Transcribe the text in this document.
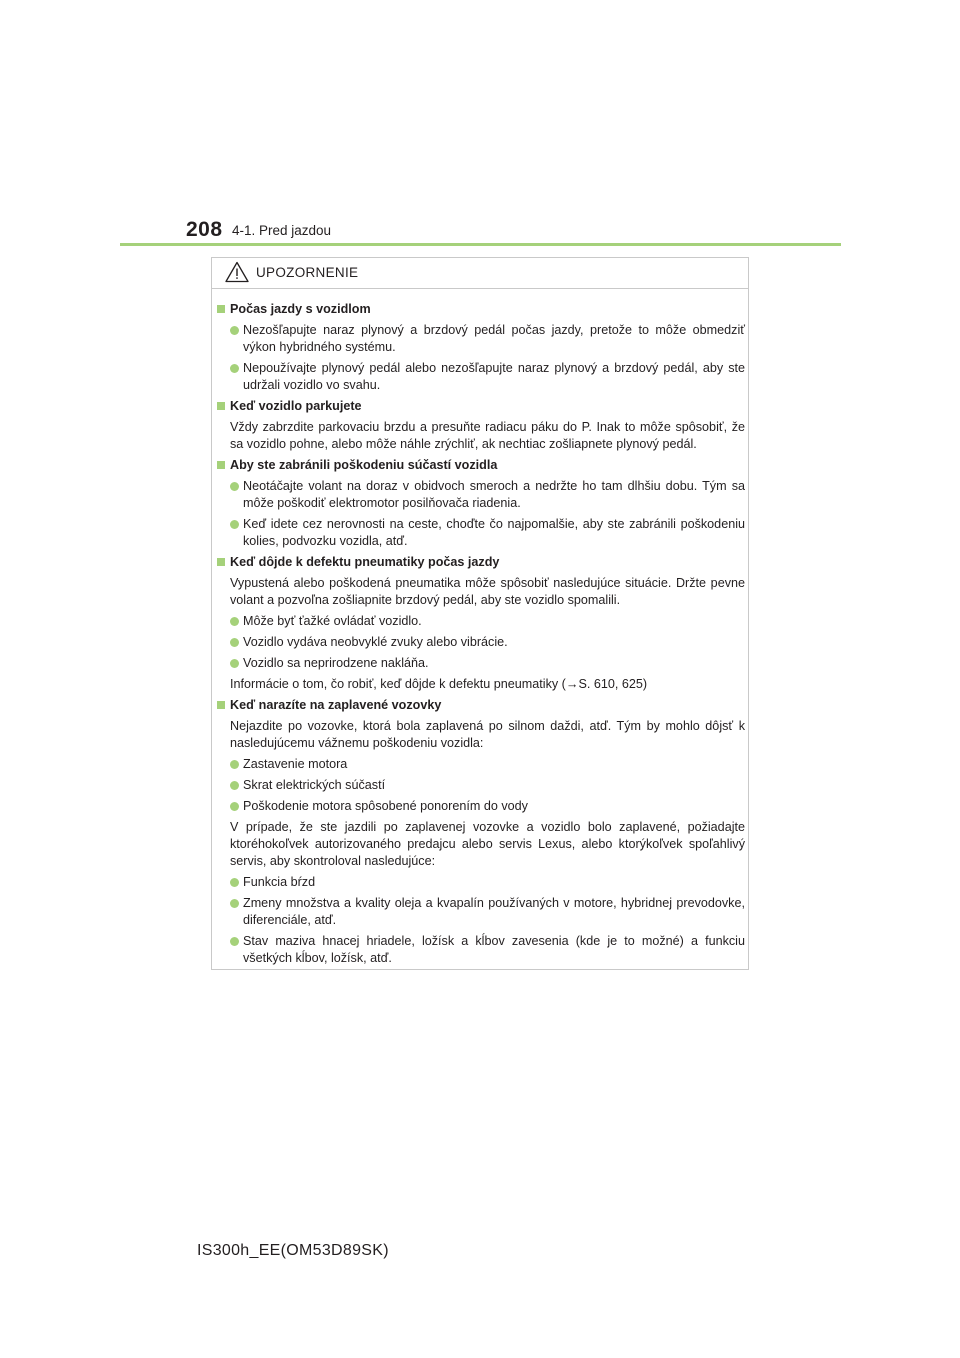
208 4-1. Pred jazdou
UPOZORNENIE
Počas jazdy s vozidlom
Nezošľapujte naraz plynový a brzdový pedál počas jazdy, pretože to môže obmedziť výkon hybridného systému.
Nepoužívajte plynový pedál alebo nezošľapujte naraz plynový a brzdový pedál, aby ste udržali vozidlo vo svahu.
Keď vozidlo parkujete
Vždy zabrzdite parkovaciu brzdu a presuňte radiacu páku do P. Inak to môže spôsobiť, že sa vozidlo pohne, alebo môže náhle zrýchliť, ak nechtiac zošliapnete plynový pedál.
Aby ste zabránili poškodeniu súčastí vozidla
Neotáčajte volant na doraz v obidvoch smeroch a nedržte ho tam dlhšiu dobu. Tým sa môže poškodiť elektromotor posilňovača riadenia.
Keď idete cez nerovnosti na ceste, choďte čo najpomalšie, aby ste zabránili poškodeniu kolies, podvozku vozidla, atď.
Keď dôjde k defektu pneumatiky počas jazdy
Vypustená alebo poškodená pneumatika môže spôsobiť nasledujúce situácie. Držte pevne volant a pozvoľna zošliapnite brzdový pedál, aby ste vozidlo spomalili.
Môže byť ťažké ovládať vozidlo.
Vozidlo vydáva neobvyklé zvuky alebo vibrácie.
Vozidlo sa neprirodzene nakláňa.
Informácie o tom, čo robiť, keď dôjde k defektu pneumatiky (→S. 610, 625)
Keď narazíte na zaplavené vozovky
Nejazdite po vozovke, ktorá bola zaplavená po silnom daždi, atď. Tým by mohlo dôjsť k nasledujúcemu vážnemu poškodeniu vozidla:
Zastavenie motora
Skrat elektrických súčastí
Poškodenie motora spôsobené ponorením do vody
V prípade, že ste jazdili po zaplavenej vozovke a vozidlo bolo zaplavené, požiadajte ktoréhokoľvek autorizovaného predajcu alebo servis Lexus, alebo ktorýkoľvek spoľahlivý servis, aby skontroloval nasledujúce:
Funkcia bŕzd
Zmeny množstva a kvality oleja a kvapalín používaných v motore, hybridnej prevodovke, diferenciále, atď.
Stav maziva hnacej hriadele, ložísk a kĺbov zavesenia (kde je to možné) a funkciu všetkých kĺbov, ložísk, atď.
IS300h_EE(OM53D89SK)
